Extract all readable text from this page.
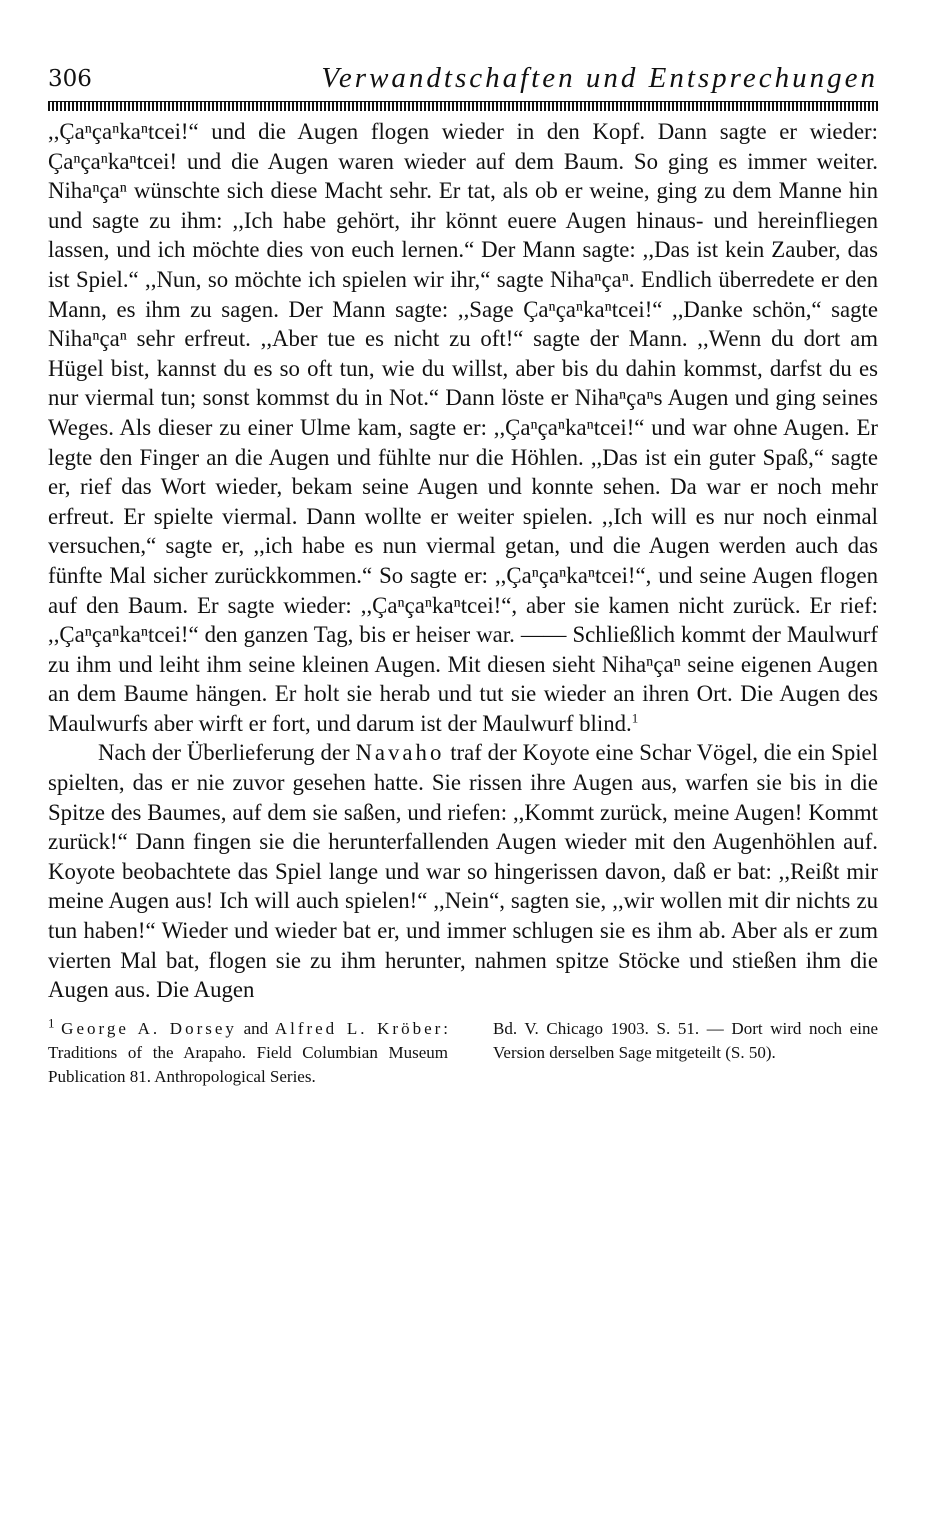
306	Verwandtschaften und Entsprechungen

,,Çaⁿçaⁿkaⁿtcei!“ und die Augen flogen wieder in den Kopf. Dann sagte er wieder: Çaⁿçaⁿkaⁿtcei! und die Augen waren wieder auf dem Baum. So ging es immer weiter. Nihaⁿçaⁿ wünschte sich diese Macht sehr. Er tat, als ob er weine, ging zu dem Manne hin und sagte zu ihm: ,,Ich habe gehört, ihr könnt euere Augen hinaus- und hereinfliegen lassen, und ich möchte dies von euch lernen.“ Der Mann sagte: ,,Das ist kein Zauber, das ist Spiel.“ ,,Nun, so möchte ich spielen wir ihr,“ sagte Nihaⁿçaⁿ. Endlich überredete er den Mann, es ihm zu sagen. Der Mann sagte: ,,Sage Çaⁿçaⁿkaⁿtcei!“ ,,Danke schön,“ sagte Nihaⁿçaⁿ sehr erfreut. ,,Aber tue es nicht zu oft!“ sagte der Mann. ,,Wenn du dort am Hügel bist, kannst du es so oft tun, wie du willst, aber bis du dahin kommst, darfst du es nur viermal tun; sonst kommst du in Not.“ Dann löste er Nihaⁿçaⁿs Augen und ging seines Weges. Als dieser zu einer Ulme kam, sagte er: ,,Çaⁿçaⁿkaⁿtcei!“ und war ohne Augen. Er legte den Finger an die Augen und fühlte nur die Höhlen. ,,Das ist ein guter Spaß,“ sagte er, rief das Wort wieder, bekam seine Augen und konnte sehen. Da war er noch mehr erfreut. Er spielte viermal. Dann wollte er weiter spielen. ,,Ich will es nur noch einmal versuchen,“ sagte er, ,,ich habe es nun viermal getan, und die Augen werden auch das fünfte Mal sicher zurückkommen.“ So sagte er: ,,Çaⁿçaⁿkaⁿtcei!“, und seine Augen flogen auf den Baum. Er sagte wieder: ,,Çaⁿçaⁿkaⁿtcei!“, aber sie kamen nicht zurück. Er rief: ,,Çaⁿçaⁿkaⁿtcei!“ den ganzen Tag, bis er heiser war. —— Schließlich kommt der Maulwurf zu ihm und leiht ihm seine kleinen Augen. Mit diesen sieht Nihaⁿçaⁿ seine eigenen Augen an dem Baume hängen. Er holt sie herab und tut sie wieder an ihren Ort. Die Augen des Maulwurfs aber wirft er fort, und darum ist der Maulwurf blind.$^1$

Nach der Überlieferung der Navaho traf der Koyote eine Schar Vögel, die ein Spiel spielten, das er nie zuvor gesehen hatte. Sie rissen ihre Augen aus, warfen sie bis in die Spitze des Baumes, auf dem sie saßen, und riefen: ,,Kommt zurück, meine Augen! Kommt zurück!“ Dann fingen sie die herunterfallenden Augen wieder mit den Augenhöhlen auf. Koyote beobachtete das Spiel lange und war so hingerissen davon, daß er bat: ,,Reißt mir meine Augen aus! Ich will auch spielen!“ ,,Nein“, sagten sie, ,,wir wollen mit dir nichts zu tun haben!“ Wieder und wieder bat er, und immer schlugen sie es ihm ab. Aber als er zum vierten Mal bat, flogen sie zu ihm herunter, nahmen spitze Stöcke und stießen ihm die Augen aus. Die Augen

$^1$ George A. Dorsey and Alfred L. Kröber: Traditions of the Arapaho. Field Columbian Museum Publication 81. Anthropological Series.
Bd. V. Chicago 1903. S. 51. — Dort wird noch eine Version derselben Sage mitgeteilt (S. 50).
